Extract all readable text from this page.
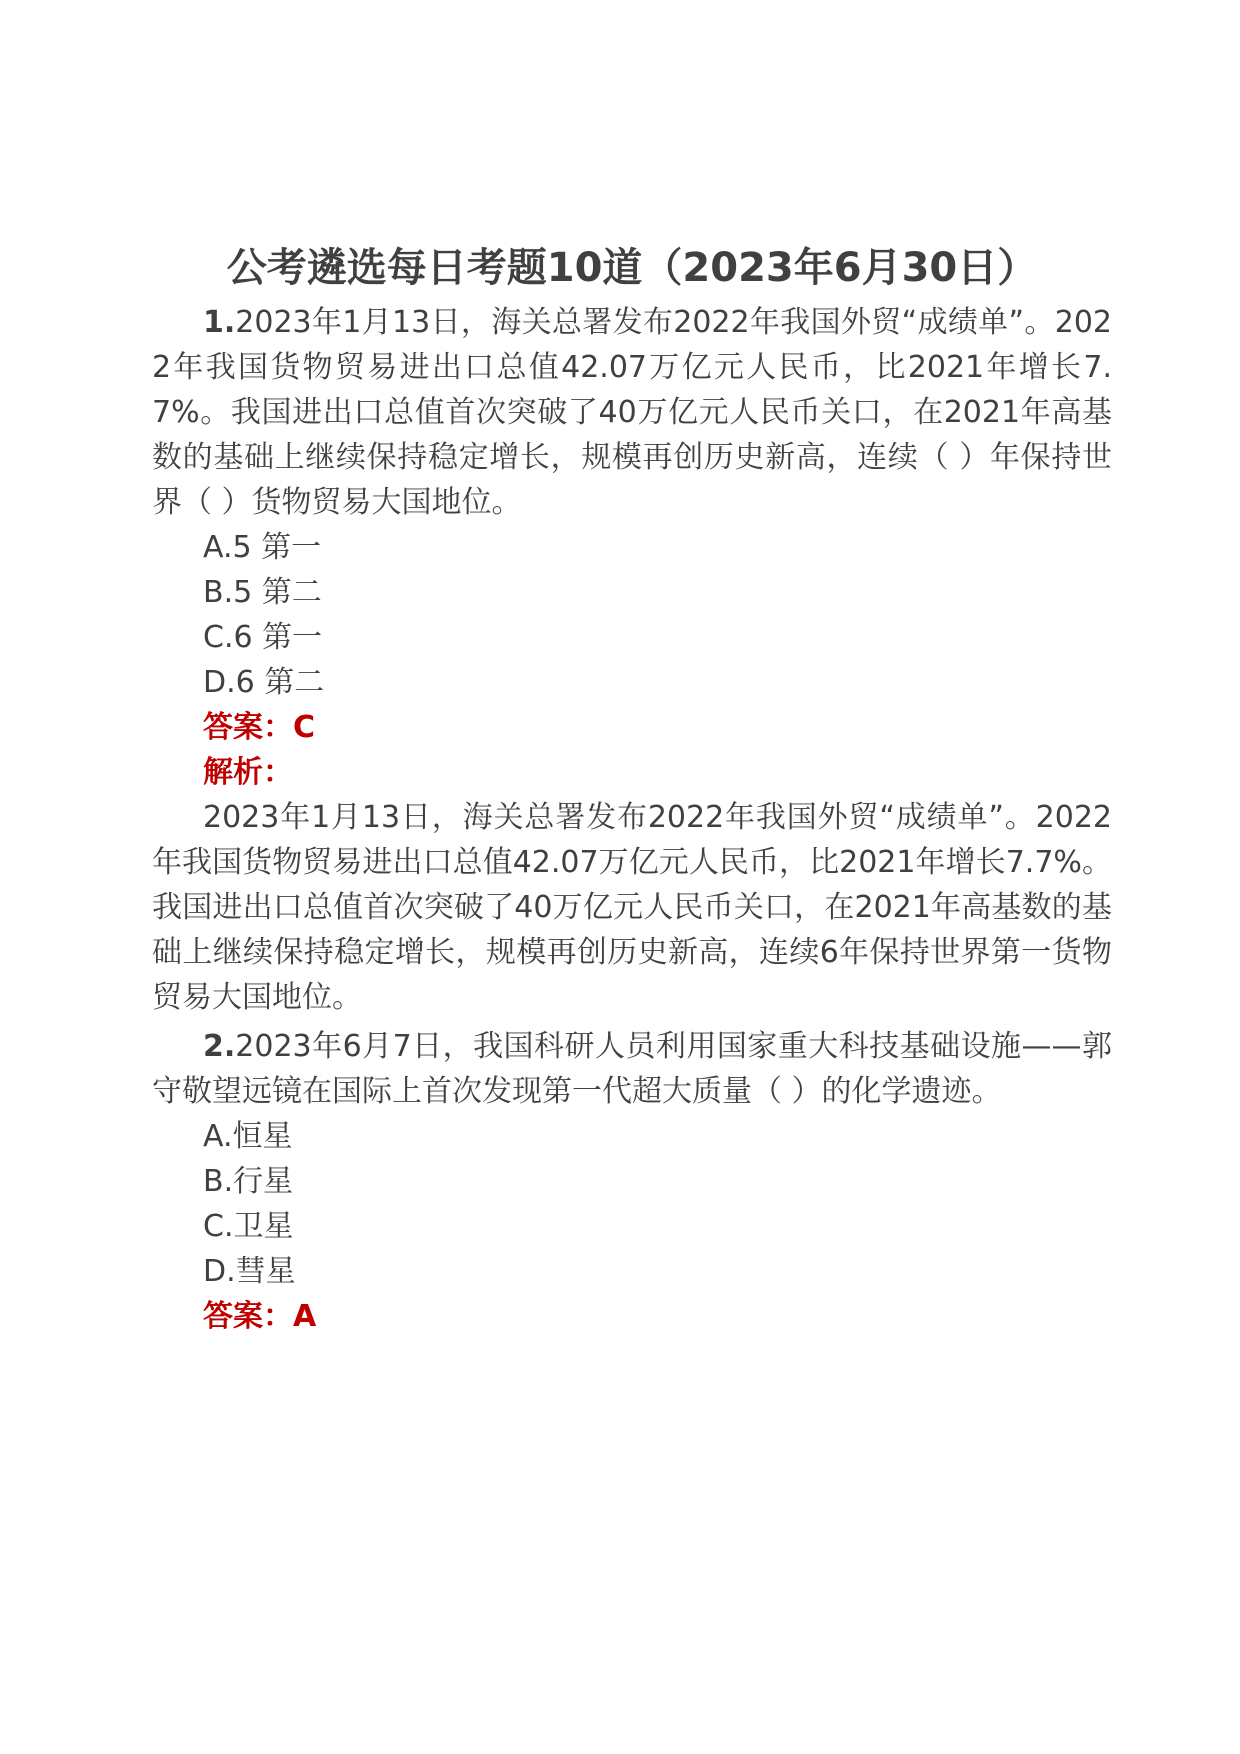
公考遴选每日考题10道（2023年6月30日）

1.2023年1月13日，海关总署发布2022年我国外贸“成绩单”。2022年我国货物贸易进出口总值42.07万亿元人民币，比2021年增长7.7%。我国进出口总值首次突破了40万亿元人民币关口，在2021年高基数的基础上继续保持稳定增长，规模再创历史新高，连续（ ）年保持世界（ ）货物贸易大国地位。

A.5 第一

B.5 第二

C.6 第一

D.6 第二

答案：C

解析：

2023年1月13日，海关总署发布2022年我国外贸“成绩单”。2022年我国货物贸易进出口总值42.07万亿元人民币，比2021年增长7.7%。我国进出口总值首次突破了40万亿元人民币关口，在2021年高基数的基础上继续保持稳定增长，规模再创历史新高，连续6年保持世界第一货物贸易大国地位。

2.2023年6月7日，我国科研人员利用国家重大科技基础设施——郭守敬望远镜在国际上首次发现第一代超大质量（ ）的化学遗迹。

A.恒星

B.行星

C.卫星

D.彗星

答案：A
